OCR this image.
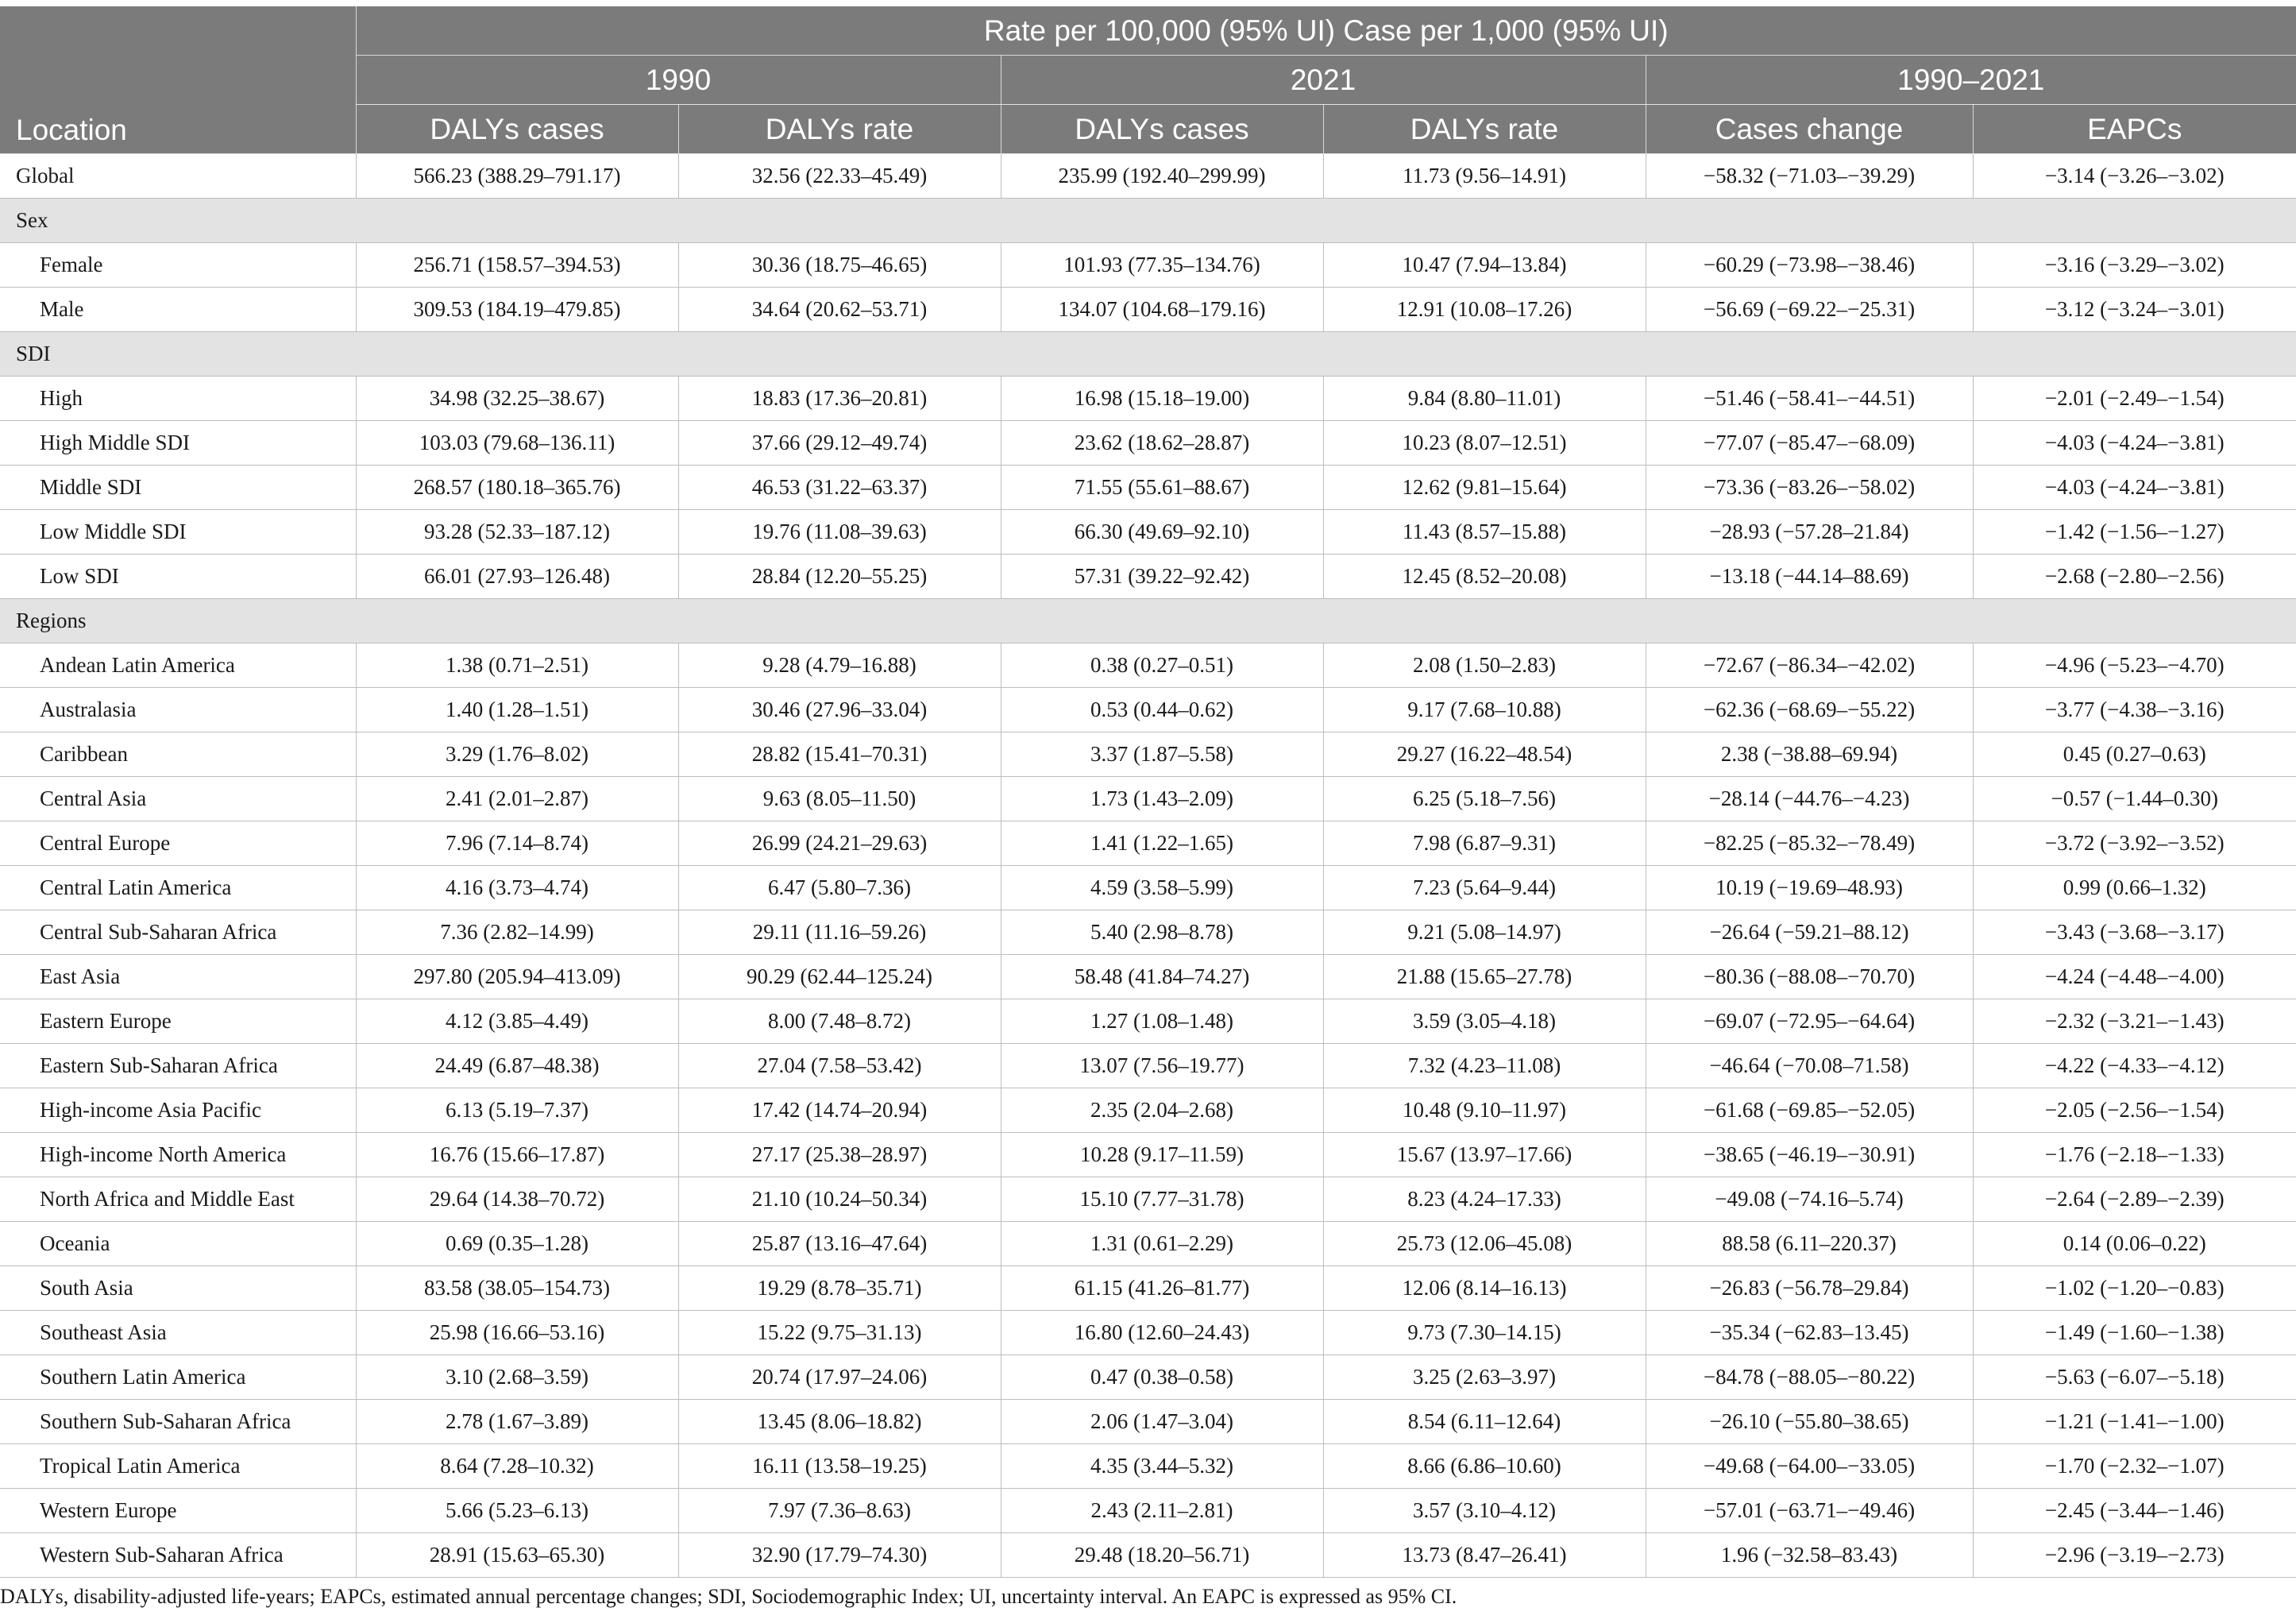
Location	Rate per 100,000 (95% UI) Case per 1,000 (95% UI)					
	1990		2021		1990–2021	
	DALYs cases	DALYs rate	DALYs cases	DALYs rate	Cases change	EAPCs
Global	566.23 (388.29–791.17)	32.56 (22.33–45.49)	235.99 (192.40–299.99)	11.73 (9.56–14.91)	−58.32 (−71.03–−39.29)	−3.14 (−3.26–−3.02)
Sex						
Female	256.71 (158.57–394.53)	30.36 (18.75–46.65)	101.93 (77.35–134.76)	10.47 (7.94–13.84)	−60.29 (−73.98–−38.46)	−3.16 (−3.29–−3.02)
Male	309.53 (184.19–479.85)	34.64 (20.62–53.71)	134.07 (104.68–179.16)	12.91 (10.08–17.26)	−56.69 (−69.22–−25.31)	−3.12 (−3.24–−3.01)
SDI						
High	34.98 (32.25–38.67)	18.83 (17.36–20.81)	16.98 (15.18–19.00)	9.84 (8.80–11.01)	−51.46 (−58.41–−44.51)	−2.01 (−2.49–−1.54)
High Middle SDI	103.03 (79.68–136.11)	37.66 (29.12–49.74)	23.62 (18.62–28.87)	10.23 (8.07–12.51)	−77.07 (−85.47–−68.09)	−4.03 (−4.24–−3.81)
Middle SDI	268.57 (180.18–365.76)	46.53 (31.22–63.37)	71.55 (55.61–88.67)	12.62 (9.81–15.64)	−73.36 (−83.26–−58.02)	−4.03 (−4.24–−3.81)
Low Middle SDI	93.28 (52.33–187.12)	19.76 (11.08–39.63)	66.30 (49.69–92.10)	11.43 (8.57–15.88)	−28.93 (−57.28–21.84)	−1.42 (−1.56–−1.27)
Low SDI	66.01 (27.93–126.48)	28.84 (12.20–55.25)	57.31 (39.22–92.42)	12.45 (8.52–20.08)	−13.18 (−44.14–88.69)	−2.68 (−2.80–−2.56)
Regions						
Andean Latin America	1.38 (0.71–2.51)	9.28 (4.79–16.88)	0.38 (0.27–0.51)	2.08 (1.50–2.83)	−72.67 (−86.34–−42.02)	−4.96 (−5.23–−4.70)
Australasia	1.40 (1.28–1.51)	30.46 (27.96–33.04)	0.53 (0.44–0.62)	9.17 (7.68–10.88)	−62.36 (−68.69–−55.22)	−3.77 (−4.38–−3.16)
Caribbean	3.29 (1.76–8.02)	28.82 (15.41–70.31)	3.37 (1.87–5.58)	29.27 (16.22–48.54)	2.38 (−38.88–69.94)	0.45 (0.27–0.63)
Central Asia	2.41 (2.01–2.87)	9.63 (8.05–11.50)	1.73 (1.43–2.09)	6.25 (5.18–7.56)	−28.14 (−44.76–−4.23)	−0.57 (−1.44–0.30)
Central Europe	7.96 (7.14–8.74)	26.99 (24.21–29.63)	1.41 (1.22–1.65)	7.98 (6.87–9.31)	−82.25 (−85.32–−78.49)	−3.72 (−3.92–−3.52)
Central Latin America	4.16 (3.73–4.74)	6.47 (5.80–7.36)	4.59 (3.58–5.99)	7.23 (5.64–9.44)	10.19 (−19.69–48.93)	0.99 (0.66–1.32)
Central Sub-Saharan Africa	7.36 (2.82–14.99)	29.11 (11.16–59.26)	5.40 (2.98–8.78)	9.21 (5.08–14.97)	−26.64 (−59.21–88.12)	−3.43 (−3.68–−3.17)
East Asia	297.80 (205.94–413.09)	90.29 (62.44–125.24)	58.48 (41.84–74.27)	21.88 (15.65–27.78)	−80.36 (−88.08–−70.70)	−4.24 (−4.48–−4.00)
Eastern Europe	4.12 (3.85–4.49)	8.00 (7.48–8.72)	1.27 (1.08–1.48)	3.59 (3.05–4.18)	−69.07 (−72.95–−64.64)	−2.32 (−3.21–−1.43)
Eastern Sub-Saharan Africa	24.49 (6.87–48.38)	27.04 (7.58–53.42)	13.07 (7.56–19.77)	7.32 (4.23–11.08)	−46.64 (−70.08–71.58)	−4.22 (−4.33–−4.12)
High-income Asia Pacific	6.13 (5.19–7.37)	17.42 (14.74–20.94)	2.35 (2.04–2.68)	10.48 (9.10–11.97)	−61.68 (−69.85–−52.05)	−2.05 (−2.56–−1.54)
High-income North America	16.76 (15.66–17.87)	27.17 (25.38–28.97)	10.28 (9.17–11.59)	15.67 (13.97–17.66)	−38.65 (−46.19–−30.91)	−1.76 (−2.18–−1.33)
North Africa and Middle East	29.64 (14.38–70.72)	21.10 (10.24–50.34)	15.10 (7.77–31.78)	8.23 (4.24–17.33)	−49.08 (−74.16–5.74)	−2.64 (−2.89–−2.39)
Oceania	0.69 (0.35–1.28)	25.87 (13.16–47.64)	1.31 (0.61–2.29)	25.73 (12.06–45.08)	88.58 (6.11–220.37)	0.14 (0.06–0.22)
South Asia	83.58 (38.05–154.73)	19.29 (8.78–35.71)	61.15 (41.26–81.77)	12.06 (8.14–16.13)	−26.83 (−56.78–29.84)	−1.02 (−1.20–−0.83)
Southeast Asia	25.98 (16.66–53.16)	15.22 (9.75–31.13)	16.80 (12.60–24.43)	9.73 (7.30–14.15)	−35.34 (−62.83–13.45)	−1.49 (−1.60–−1.38)
Southern Latin America	3.10 (2.68–3.59)	20.74 (17.97–24.06)	0.47 (0.38–0.58)	3.25 (2.63–3.97)	−84.78 (−88.05–−80.22)	−5.63 (−6.07–−5.18)
Southern Sub-Saharan Africa	2.78 (1.67–3.89)	13.45 (8.06–18.82)	2.06 (1.47–3.04)	8.54 (6.11–12.64)	−26.10 (−55.80–38.65)	−1.21 (−1.41–−1.00)
Tropical Latin America	8.64 (7.28–10.32)	16.11 (13.58–19.25)	4.35 (3.44–5.32)	8.66 (6.86–10.60)	−49.68 (−64.00–−33.05)	−1.70 (−2.32–−1.07)
Western Europe	5.66 (5.23–6.13)	7.97 (7.36–8.63)	2.43 (2.11–2.81)	3.57 (3.10–4.12)	−57.01 (−63.71–−49.46)	−2.45 (−3.44–−1.46)
Western Sub-Saharan Africa	28.91 (15.63–65.30)	32.90 (17.79–74.30)	29.48 (18.20–56.71)	13.73 (8.47–26.41)	1.96 (−32.58–83.43)	−2.96 (−3.19–−2.73)
DALYs, disability-adjusted life-years; EAPCs, estimated annual percentage changes; SDI, Sociodemographic Index; UI, uncertainty interval. An EAPC is expressed as 95% CI.
